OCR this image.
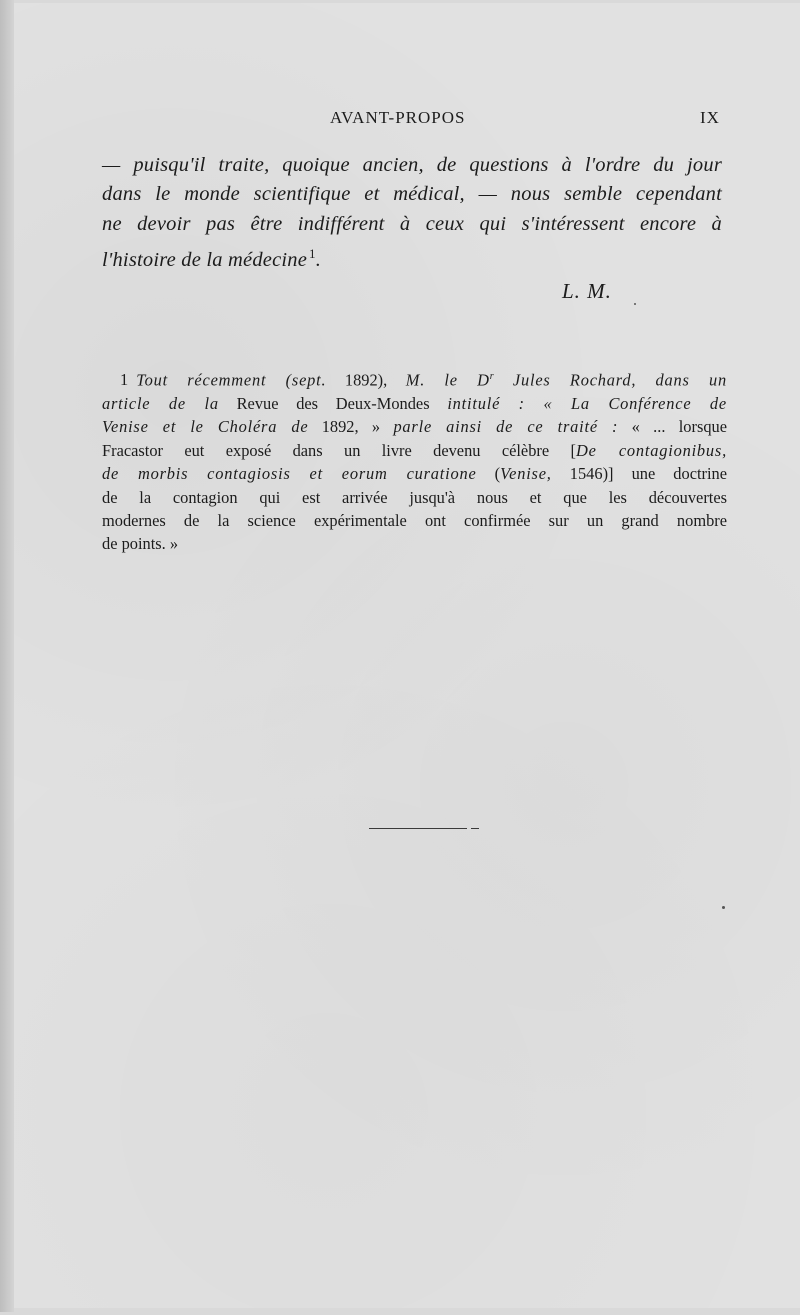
AVANT-PROPOS	IX

— puisqu'il traite, quoique ancien, de questions à l'ordre du jour
dans le monde scientifique et médical, — nous semble cependant
ne devoir pas être indifférent à ceux qui s'intéressent encore à
l'histoire de la médecine $^1$.

L. M.

1 Tout récemment (sept. 1892), M. le $D^r$ Jules Rochard, dans un
article de la Revue des Deux-Mondes intitulé : « La Conférence de
Venise et le Choléra de 1892, » parle ainsi de ce traité : « ... lorsque
Fracastor eut exposé dans un livre devenu célèbre [De contagionibus,
de morbis contagiosis et eorum curatione (Venise, 1546)] une doctrine
de la contagion qui est arrivée jusqu'à nous et que les découvertes
modernes de la science expérimentale ont confirmée sur un grand nombre
de points. »
